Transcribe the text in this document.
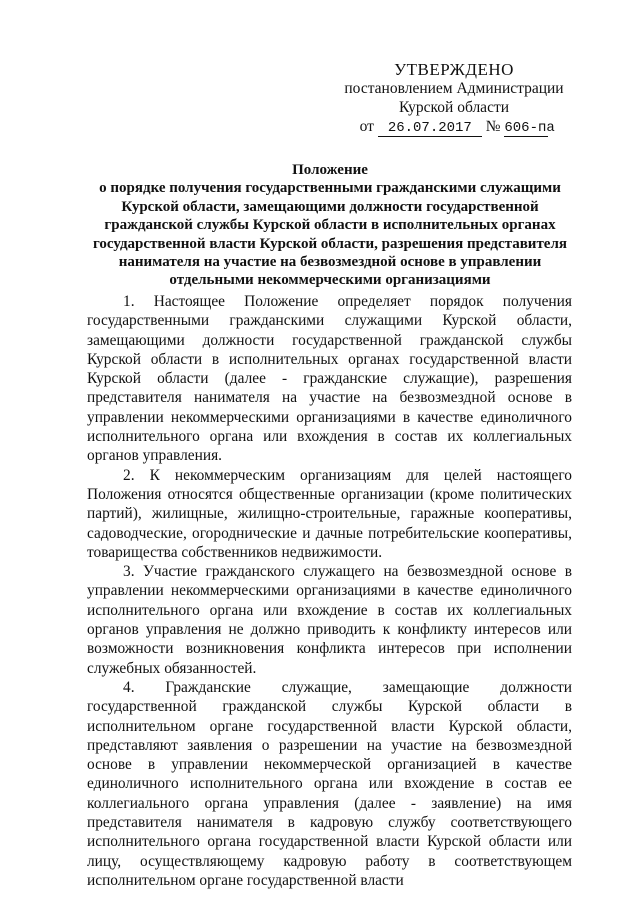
УТВЕРЖДЕНО
постановлением Администрации
Курской области
от 26.07.2017 № 606-па
Положение
о порядке получения государственными гражданскими служащими
Курской области, замещающими должности государственной
гражданской службы Курской области в исполнительных органах
государственной власти Курской области, разрешения представителя
нанимателя на участие на безвозмездной основе в управлении
отдельными некоммерческими организациями

1. Настоящее Положение определяет порядок получения государственными гражданскими служащими Курской области, замещающими должности государственной гражданской службы Курской области в исполнительных органах государственной власти Курской области (далее - гражданские служащие), разрешения представителя нанимателя на участие на безвозмездной основе в управлении некоммерческими организациями в качестве единоличного исполнительного органа или вхождения в состав их коллегиальных органов управления.

2. К некоммерческим организациям для целей настоящего Положения относятся общественные организации (кроме политических партий), жилищные, жилищно-строительные, гаражные кооперативы, садоводческие, огороднические и дачные потребительские кооперативы, товарищества собственников недвижимости.

3. Участие гражданского служащего на безвозмездной основе в управлении некоммерческими организациями в качестве единоличного исполнительного органа или вхождение в состав их коллегиальных органов управления не должно приводить к конфликту интересов или возможности возникновения конфликта интересов при исполнении служебных обязанностей.

4. Гражданские служащие, замещающие должности государственной гражданской службы Курской области в исполнительном органе государственной власти Курской области, представляют заявления о разрешении на участие на безвозмездной основе в управлении некоммерческой организацией в качестве единоличного исполнительного органа или вхождение в состав ее коллегиального органа управления (далее - заявление) на имя представителя нанимателя в кадровую службу соответствующего исполнительного органа государственной власти Курской области или лицу, осуществляющему кадровую работу в соответствующем исполнительном органе государственной власти
